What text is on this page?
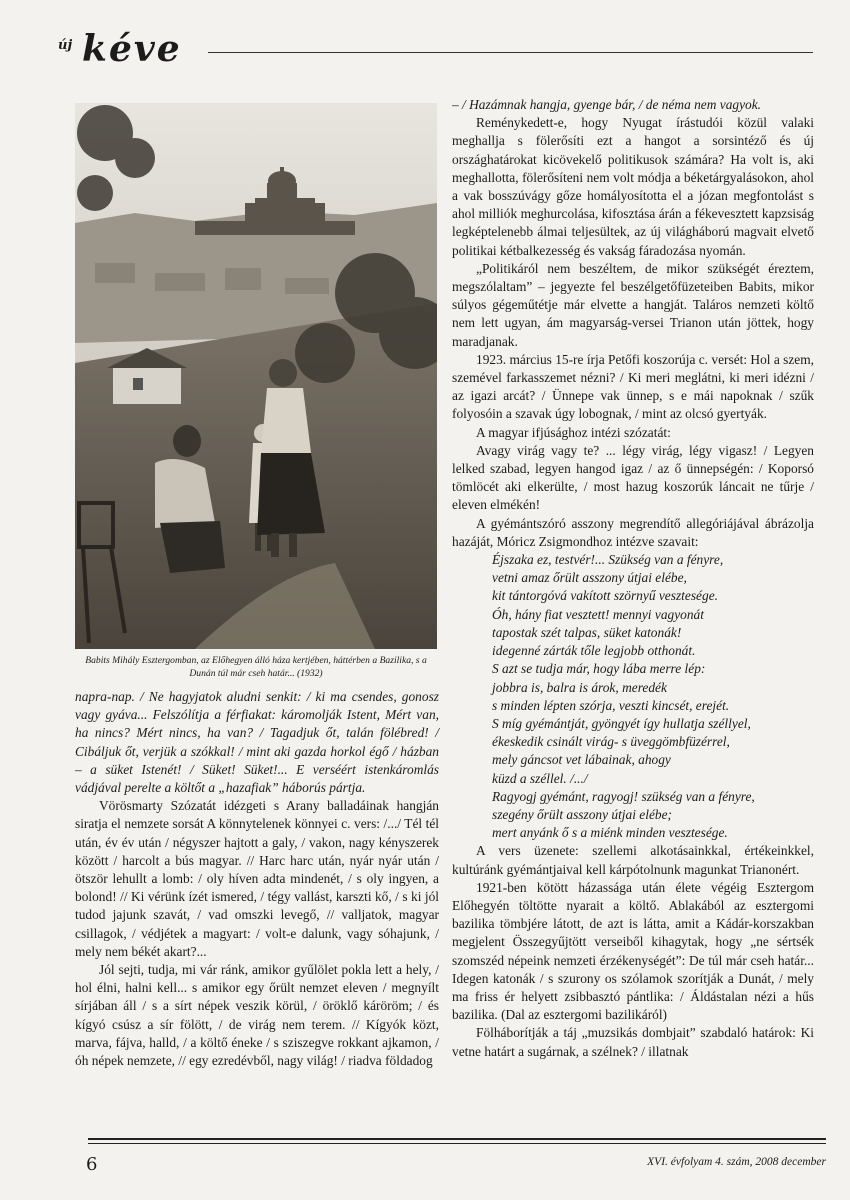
új kéve
Babits Mihály Esztergomban, az Előhegyen álló háza kertjében, háttérben a Bazilika, s a Dunán túl már cseh határ... (1932)

napra-nap. / Ne hagyjatok aludni senkit: / ki ma csendes, gonosz vagy gyáva... Felszólítja a férfiakat: káromolják Istent, Mért van, ha nincs? Mért nincs, ha van? / Tagadjuk őt, talán fölébred! / Cibáljuk őt, verjük a szókkal! / mint aki gazda horkol égő / házban – a süket Istenét! / Süket! Süket!... E verséért istenkáromlás vádjával perelte a költőt a „hazafiak” háborús pártja.

Vörösmarty Szózatát idézgeti s Arany balladáinak hangján siratja el nemzete sorsát A könnytelenek könnyei c. vers: /.../ Tél tél után, év év után / négyszer hajtott a galy, / vakon, nagy kényszerek között / harcolt a bús magyar. // Harc harc után, nyár nyár után / ötször lehullt a lomb: / oly híven adta mindenét, / s oly ingyen, a bolond! // Ki vérünk ízét ismered, / tégy vallást, karszti kő, / s ki jól tudod jajunk szavát, / vad omszki levegő, // valljatok, magyar csillagok, / védjétek a magyart: / volt-e dalunk, vagy sóhajunk, / mely nem békét akart?...

Jól sejti, tudja, mi vár ránk, amikor gyűlölet pokla lett a hely, / hol élni, halni kell... s amikor egy őrült nemzet eleven / megnyílt sírjában áll / s a sírt népek veszik körül, / öröklő káröröm; / és kígyó csúsz a sír fölött, / de virág nem terem. // Kígyók közt, marva, fájva, halld, / a költő éneke / s sziszegve rokkant ajkamon, / óh népek nemzete, // egy ezredévből, nagy világ! / riadva földadog

– / Hazámnak hangja, gyenge bár, / de néma nem vagyok.

Reménykedett-e, hogy Nyugat írástudói közül valaki meghallja s fölerősíti ezt a hangot a sorsintéző és új országhatárokat kicövekelő politikusok számára? Ha volt is, aki meghallotta, fölerősíteni nem volt módja a béketárgyalásokon, ahol a vak bosszúvágy gőze homályosította el a józan megfontolást s ahol milliók meghurcolása, kifosztása árán a fékevesztett kapzsiság legképtelenebb álmai teljesültek, az új világháború magvait elvető politikai kétbalkezesség és vakság fáradozása nyomán.

„Politikáról nem beszéltem, de mikor szükségét éreztem, megszólaltam” – jegyezte fel beszélgetőfüzeteiben Babits, mikor súlyos gégeműtétje már elvette a hangját. Taláros nemzeti költő nem lett ugyan, ám magyarság-versei Trianon után jöttek, hogy maradjanak.

1923. március 15-re írja Petőfi koszorúja c. versét: Hol a szem, szemével farkasszemet nézni? / Ki meri meglátni, ki meri idézni / az igazi arcát? / Ünnepe vak ünnep, s e mái napoknak / szűk folyosóin a szavak úgy lobognak, / mint az olcsó gyertyák.

A magyar ifjúsághoz intézi szózatát:

Avagy virág vagy te? ... légy virág, légy vigasz! / Legyen lelked szabad, legyen hangod igaz / az ő ünnepségén: / Koporsó tömlöcét aki elkerülte, / most hazug koszorúk láncait ne tűrje / eleven elmékén!

A gyémántszóró asszony megrendítő allegóriájával ábrázolja hazáját, Móricz Zsigmondhoz intézve szavait:

Éjszaka ez, testvér!... Szükség van a fényre,

vetni amaz őrült asszony útjai elébe,

kit tántorgóvá vakított szörnyű vesztesége.

Óh, hány fiat vesztett! mennyi vagyonát

tapostak szét talpas, süket katonák!

idegenné zárták tőle legjobb otthonát.

S azt se tudja már, hogy lába merre lép:

jobbra is, balra is árok, meredék

s minden lépten szórja, veszti kincsét, erejét.

S míg gyémántját, gyöngyét így hullatja széllyel,

ékeskedik csinált virág- s üveggömbfüzérrel,

mely gáncsot vet lábainak, ahogy

küzd a széllel. /.../

Ragyogj gyémánt, ragyogj! szükség van a fényre,

szegény őrült asszony útjai elébe;

mert anyánk ő s a miénk minden vesztesége.

A vers üzenete: szellemi alkotásainkkal, értékeinkkel, kultúránk gyémántjaival kell kárpótolnunk magunkat Trianonért.

1921-ben kötött házassága után élete végéig Esztergom Előhegyén töltötte nyarait a költő. Ablakából az esztergomi bazilika tömbjére látott, de azt is látta, amit a Kádár-korszakban megjelent Összegyűjtött verseiből kihagytak, hogy „ne sértsék szomszéd népeink nemzeti érzékenységét”: De túl már cseh határ... Idegen katonák / s szurony os szólamok szorítják a Dunát, / mely ma friss ér helyett zsibbasztó pántlika: / Áldástalan nézi a hűs bazilika. (Dal az esztergomi bazilikáról)

Fölháborítják a táj „muzsikás dombjait” szabdaló határok: Ki vetne határt a sugárnak, a szélnek? / illatnak

6	XVI. évfolyam 4. szám, 2008 december
